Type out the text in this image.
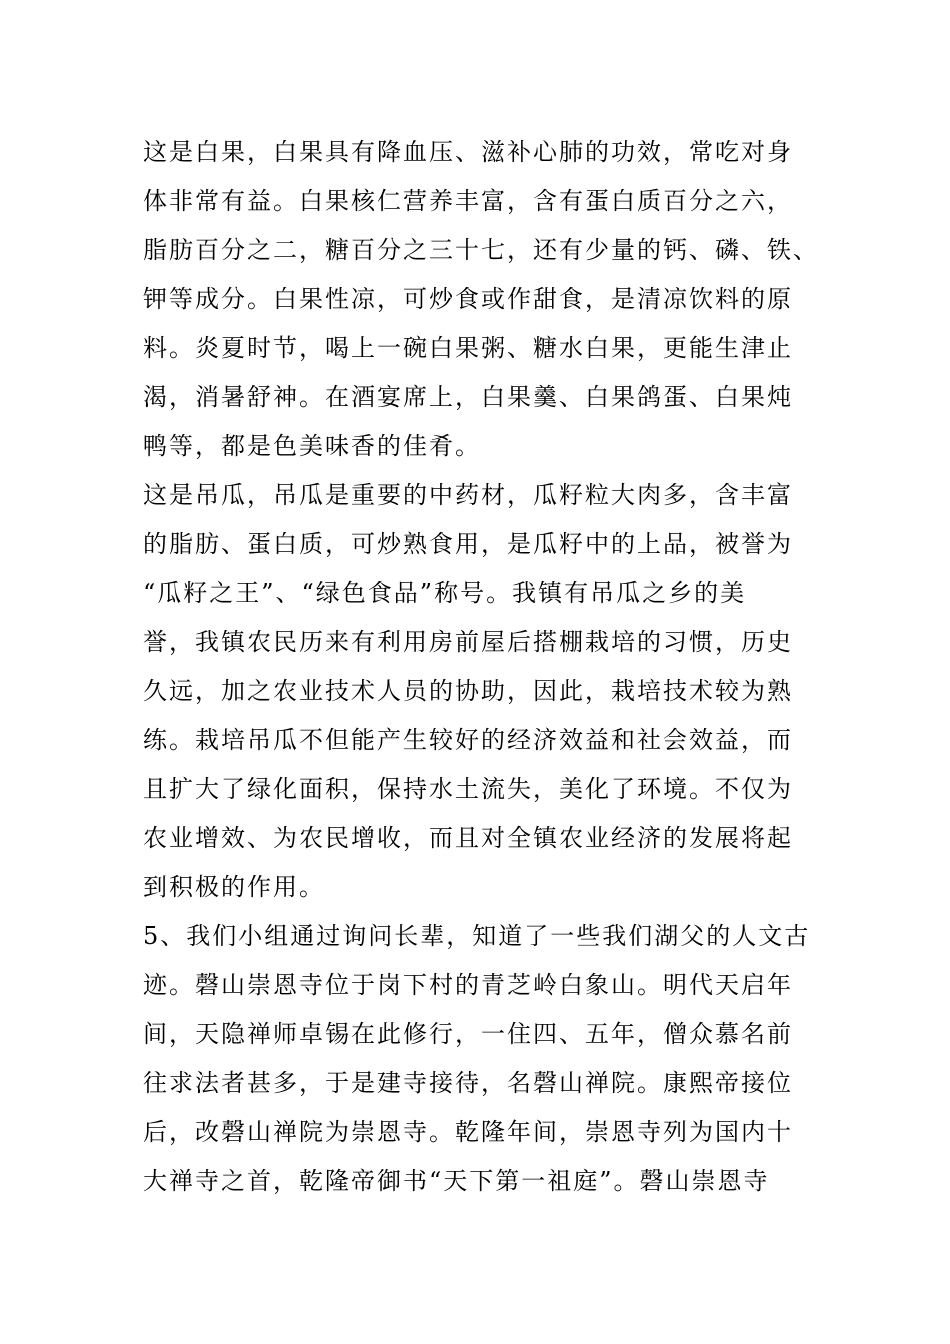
这是白果，白果具有降血压、滋补心肺的功效，常吃对身
体非常有益。白果核仁营养丰富，含有蛋白质百分之六，
脂肪百分之二，糖百分之三十七，还有少量的钙、磷、铁、
钾等成分。白果性凉，可炒食或作甜食，是清凉饮料的原
料。炎夏时节，喝上一碗白果粥、糖水白果，更能生津止
渴，消暑舒神。在酒宴席上，白果羹、白果鸽蛋、白果炖
鸭等，都是色美味香的佳肴。
这是吊瓜，吊瓜是重要的中药材，瓜籽粒大肉多，含丰富
的脂肪、蛋白质，可炒熟食用，是瓜籽中的上品，被誉为
“瓜籽之王”、“绿色食品”称号。我镇有吊瓜之乡的美
誉，我镇农民历来有利用房前屋后搭棚栽培的习惯，历史
久远，加之农业技术人员的协助，因此，栽培技术较为熟
练。栽培吊瓜不但能产生较好的经济效益和社会效益，而
且扩大了绿化面积，保持水土流失，美化了环境。不仅为
农业增效、为农民增收，而且对全镇农业经济的发展将起
到积极的作用。
5、我们小组通过询问长辈，知道了一些我们湖父的人文古
迹。磬山崇恩寺位于岗下村的青芝岭白象山。明代天启年
间，天隐禅师卓锡在此修行，一住四、五年，僧众慕名前
往求法者甚多，于是建寺接待，名磬山禅院。康熙帝接位
后，改磬山禅院为崇恩寺。乾隆年间，崇恩寺列为国内十
大禅寺之首，乾隆帝御书“天下第一祖庭”。磬山崇恩寺
